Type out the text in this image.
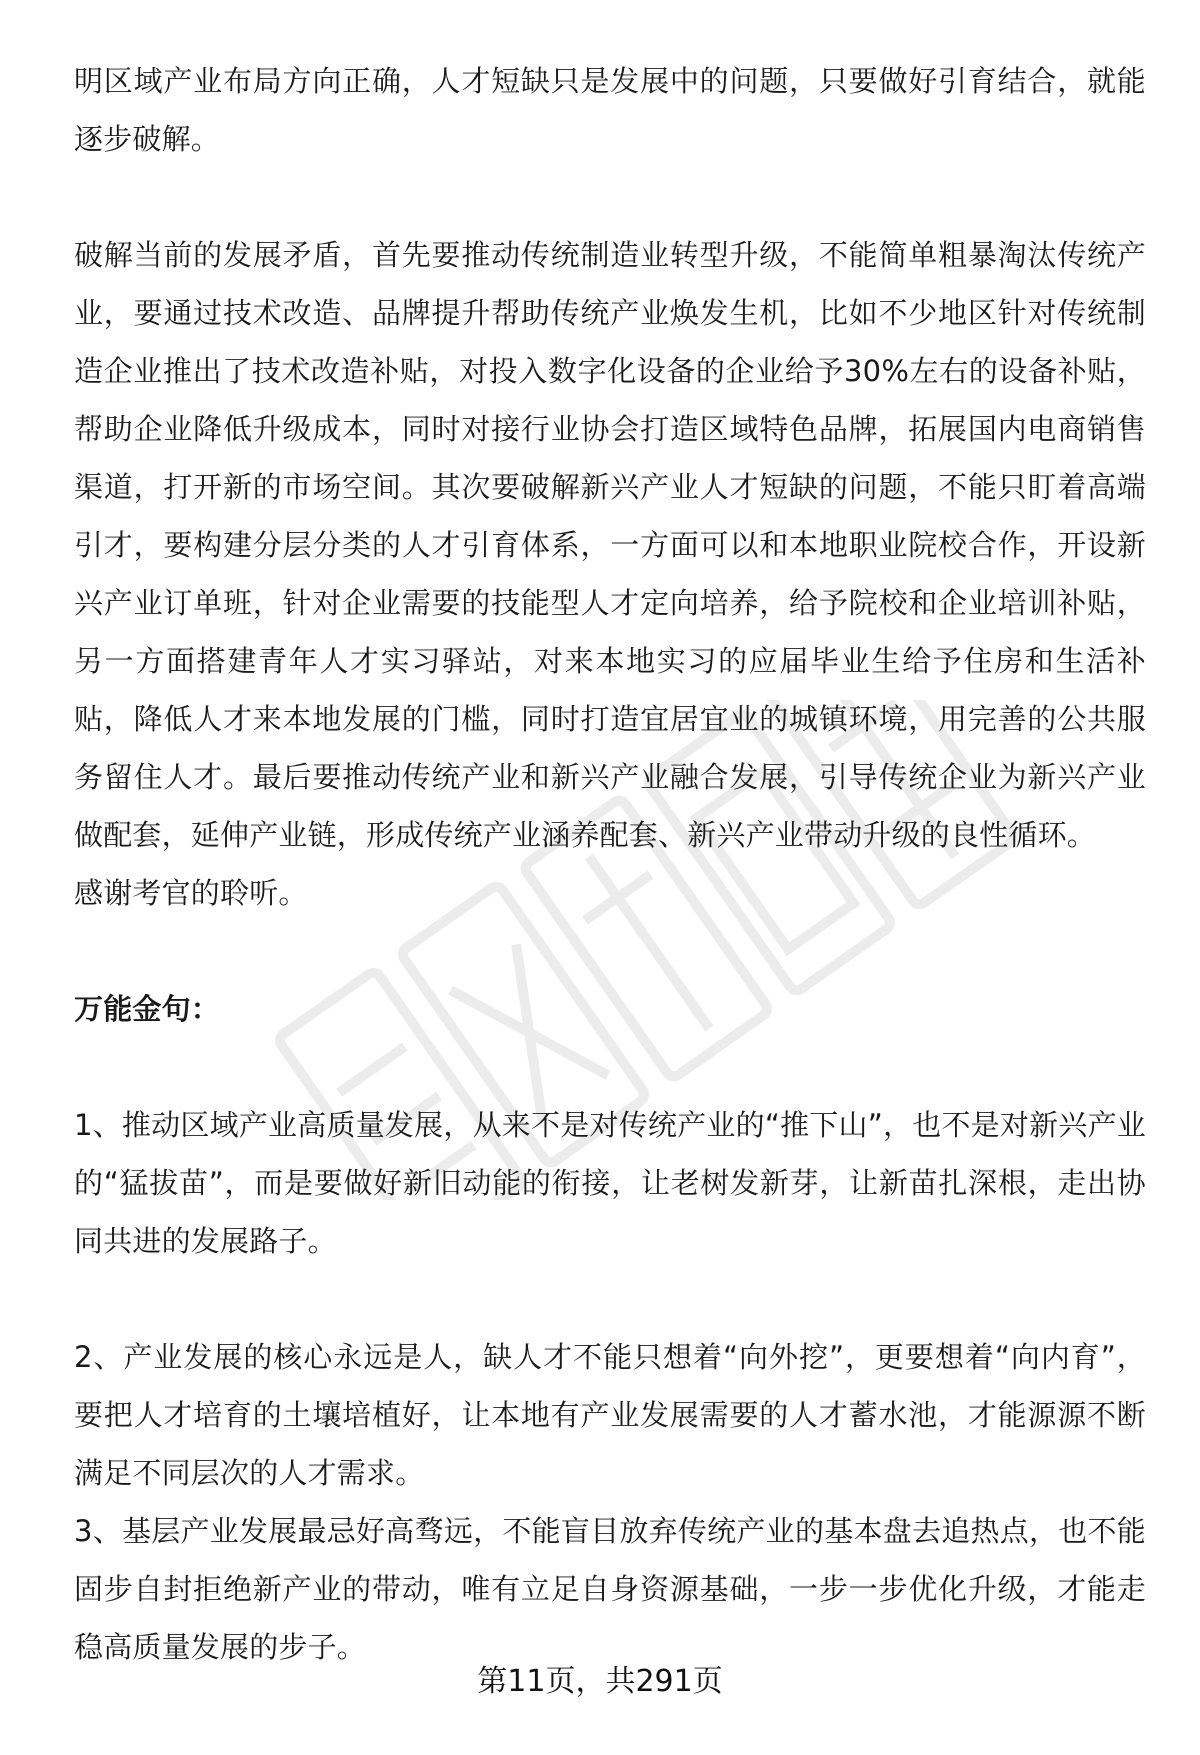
明区域产业布局方向正确，人才短缺只是发展中的问题，只要做好引育结合，就能逐步破解。

破解当前的发展矛盾，首先要推动传统制造业转型升级，不能简单粗暴淘汰传统产业，要通过技术改造、品牌提升帮助传统产业焕发生机，比如不少地区针对传统制造企业推出了技术改造补贴，对投入数字化设备的企业给予30%左右的设备补贴，帮助企业降低升级成本，同时对接行业协会打造区域特色品牌，拓展国内电商销售渠道，打开新的市场空间。其次要破解新兴产业人才短缺的问题，不能只盯着高端引才，要构建分层分类的人才引育体系，一方面可以和本地职业院校合作，开设新兴产业订单班，针对企业需要的技能型人才定向培养，给予院校和企业培训补贴，另一方面搭建青年人才实习驿站，对来本地实习的应届毕业生给予住房和生活补贴，降低人才来本地发展的门槛，同时打造宜居宜业的城镇环境，用完善的公共服务留住人才。最后要推动传统产业和新兴产业融合发展，引导传统企业为新兴产业做配套，延伸产业链，形成传统产业涵养配套、新兴产业带动升级的良性循环。

感谢考官的聆听。

万能金句：

1、推动区域产业高质量发展，从来不是对传统产业的“推下山”，也不是对新兴产业的“猛拔苗”，而是要做好新旧动能的衔接，让老树发新芽，让新苗扎深根，走出协同共进的发展路子。

2、产业发展的核心永远是人，缺人才不能只想着“向外挖”，更要想着“向内育”，要把人才培育的土壤培植好，让本地有产业发展需要的人才蓄水池，才能源源不断满足不同层次的人才需求。

3、基层产业发展最忌好高骛远，不能盲目放弃传统产业的基本盘去追热点，也不能固步自封拒绝新产业的带动，唯有立足自身资源基础，一步一步优化升级，才能走稳高质量发展的步子。

第11页，共291页
